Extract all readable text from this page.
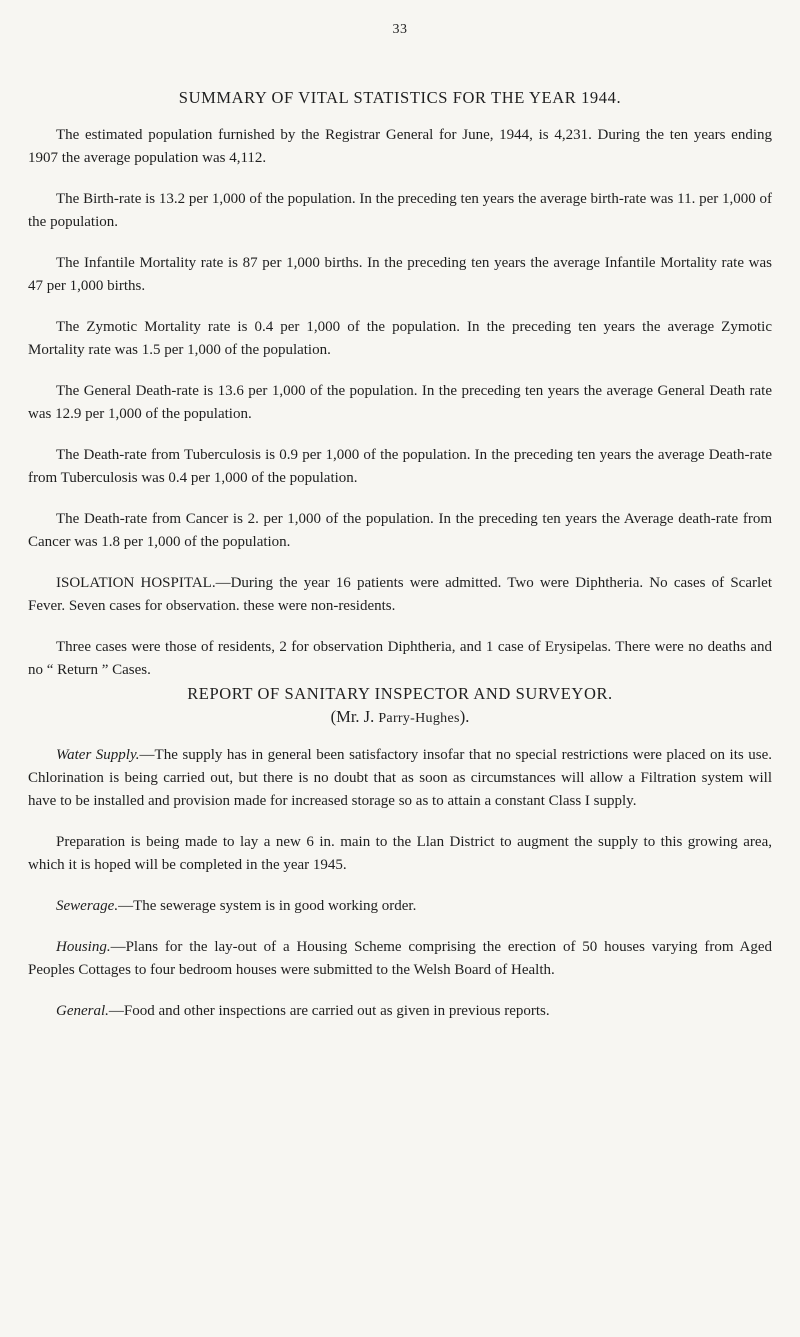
33
SUMMARY OF VITAL STATISTICS FOR THE YEAR 1944.

The estimated population furnished by the Registrar General for June, 1944, is 4,231. During the ten years ending 1907 the average population was 4,112.

The Birth-rate is 13.2 per 1,000 of the population. In the preceding ten years the average birth-rate was 11. per 1,000 of the population.

The Infantile Mortality rate is 87 per 1,000 births. In the preceding ten years the average Infantile Mortality rate was 47 per 1,000 births.

The Zymotic Mortality rate is 0.4 per 1,000 of the population. In the preceding ten years the average Zymotic Mortality rate was 1.5 per 1,000 of the population.

The General Death-rate is 13.6 per 1,000 of the population. In the preceding ten years the average General Death rate was 12.9 per 1,000 of the population.

The Death-rate from Tuberculosis is 0.9 per 1,000 of the population. In the preceding ten years the average Death-rate from Tuberculosis was 0.4 per 1,000 of the population.

The Death-rate from Cancer is 2. per 1,000 of the population. In the preceding ten years the Average death-rate from Cancer was 1.8 per 1,000 of the population.

ISOLATION HOSPITAL.—During the year 16 patients were admitted. Two were Diphtheria. No cases of Scarlet Fever. Seven cases for observation. these were non-residents.

Three cases were those of residents, 2 for observation Diphtheria, and 1 case of Erysipelas. There were no deaths and no “ Return ” Cases.

REPORT OF SANITARY INSPECTOR AND SURVEYOR.
(Mr. J. Parry-Hughes).

Water Supply.—The supply has in general been satisfactory insofar that no special restrictions were placed on its use. Chlorination is being carried out, but there is no doubt that as soon as circumstances will allow a Filtration system will have to be installed and provision made for increased storage so as to attain a constant Class I supply.

Preparation is being made to lay a new 6 in. main to the Llan District to augment the supply to this growing area, which it is hoped will be completed in the year 1945.

Sewerage.—The sewerage system is in good working order.

Housing.—Plans for the lay-out of a Housing Scheme comprising the erection of 50 houses varying from Aged Peoples Cottages to four bedroom houses were submitted to the Welsh Board of Health.

General.—Food and other inspections are carried out as given in previous reports.
